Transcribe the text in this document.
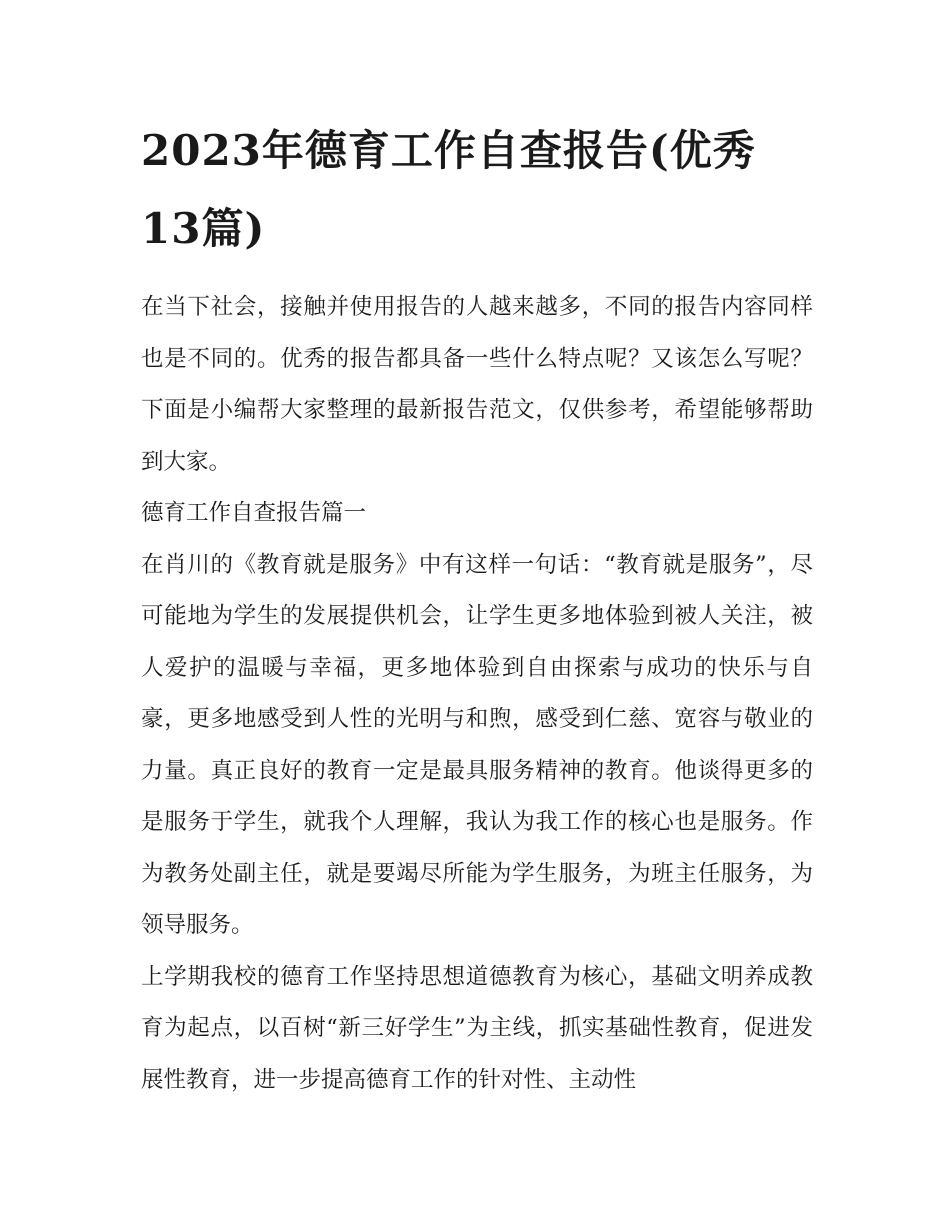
2023年德育工作自查报告(优秀13篇)

在当下社会，接触并使用报告的人越来越多，不同的报告内容同样也是不同的。优秀的报告都具备一些什么特点呢？又该怎么写呢？下面是小编帮大家整理的最新报告范文，仅供参考，希望能够帮助到大家。

德育工作自查报告篇一

在肖川的《教育就是服务》中有这样一句话：“教育就是服务”，尽可能地为学生的发展提供机会，让学生更多地体验到被人关注，被人爱护的温暖与幸福，更多地体验到自由探索与成功的快乐与自豪，更多地感受到人性的光明与和煦，感受到仁慈、宽容与敬业的力量。真正良好的教育一定是最具服务精神的教育。他谈得更多的是服务于学生，就我个人理解，我认为我工作的核心也是服务。作为教务处副主任，就是要竭尽所能为学生服务，为班主任服务，为领导服务。

上学期我校的德育工作坚持思想道德教育为核心，基础文明养成教育为起点，以百树“新三好学生”为主线，抓实基础性教育，促进发展性教育，进一步提高德育工作的针对性、主动性
